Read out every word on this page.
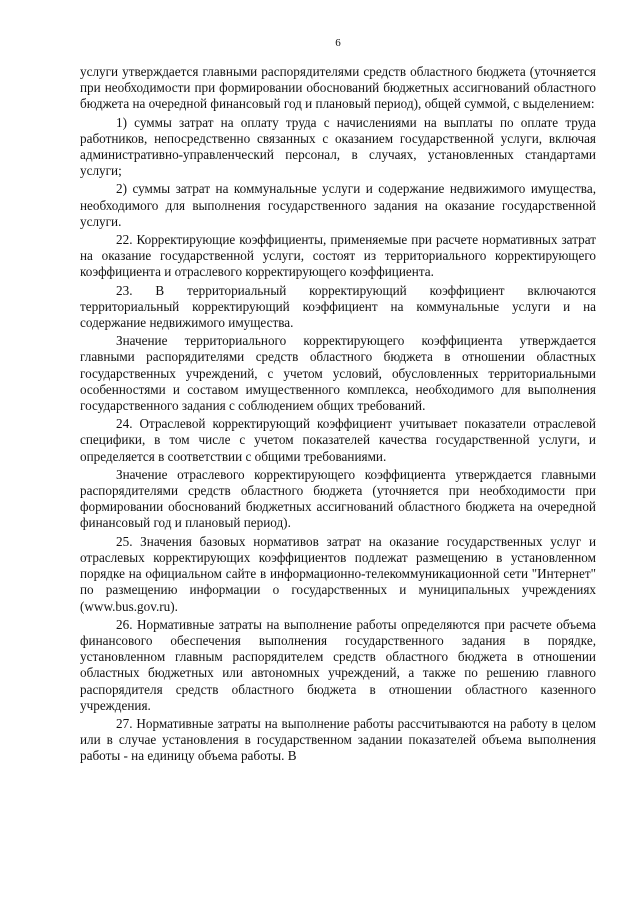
6

услуги утверждается главными распорядителями средств областного бюджета (уточняется при необходимости при формировании обоснований бюджетных ассигнований областного бюджета на очередной финансовый год и плановый период), общей суммой, с выделением:

1) суммы затрат на оплату труда с начислениями на выплаты по оплате труда работников, непосредственно связанных с оказанием государственной услуги, включая административно-управленческий персонал, в случаях, установленных стандартами услуги;

2) суммы затрат на коммунальные услуги и содержание недвижимого имущества, необходимого для выполнения государственного задания на оказание государственной услуги.

22. Корректирующие коэффициенты, применяемые при расчете нормативных затрат на оказание государственной услуги, состоят из территориального корректирующего коэффициента и отраслевого корректирующего коэффициента.

23. В территориальный корректирующий коэффициент включаются территориальный корректирующий коэффициент на коммунальные услуги и на содержание недвижимого имущества.

Значение территориального корректирующего коэффициента утверждается главными распорядителями средств областного бюджета в отношении областных государственных учреждений, с учетом условий, обусловленных территориальными особенностями и составом имущественного комплекса, необходимого для выполнения государственного задания с соблюдением общих требований.

24. Отраслевой корректирующий коэффициент учитывает показатели отраслевой специфики, в том числе с учетом показателей качества государственной услуги, и определяется в соответствии с общими требованиями.

Значение отраслевого корректирующего коэффициента утверждается главными распорядителями средств областного бюджета (уточняется при необходимости при формировании обоснований бюджетных ассигнований областного бюджета на очередной финансовый год и плановый период).

25. Значения базовых нормативов затрат на оказание государственных услуг и отраслевых корректирующих коэффициентов подлежат размещению в установленном порядке на официальном сайте в информационно-телекоммуникационной сети "Интернет" по размещению информации о государственных и муниципальных учреждениях (www.bus.gov.ru).

26. Нормативные затраты на выполнение работы определяются при расчете объема финансового обеспечения выполнения государственного задания в порядке, установленном главным распорядителем средств областного бюджета в отношении областных бюджетных или автономных учреждений, а также по решению главного распорядителя средств областного бюджета в отношении областного казенного учреждения.

27. Нормативные затраты на выполнение работы рассчитываются на работу в целом или в случае установления в государственном задании показателей объема выполнения работы - на единицу объема работы. В
